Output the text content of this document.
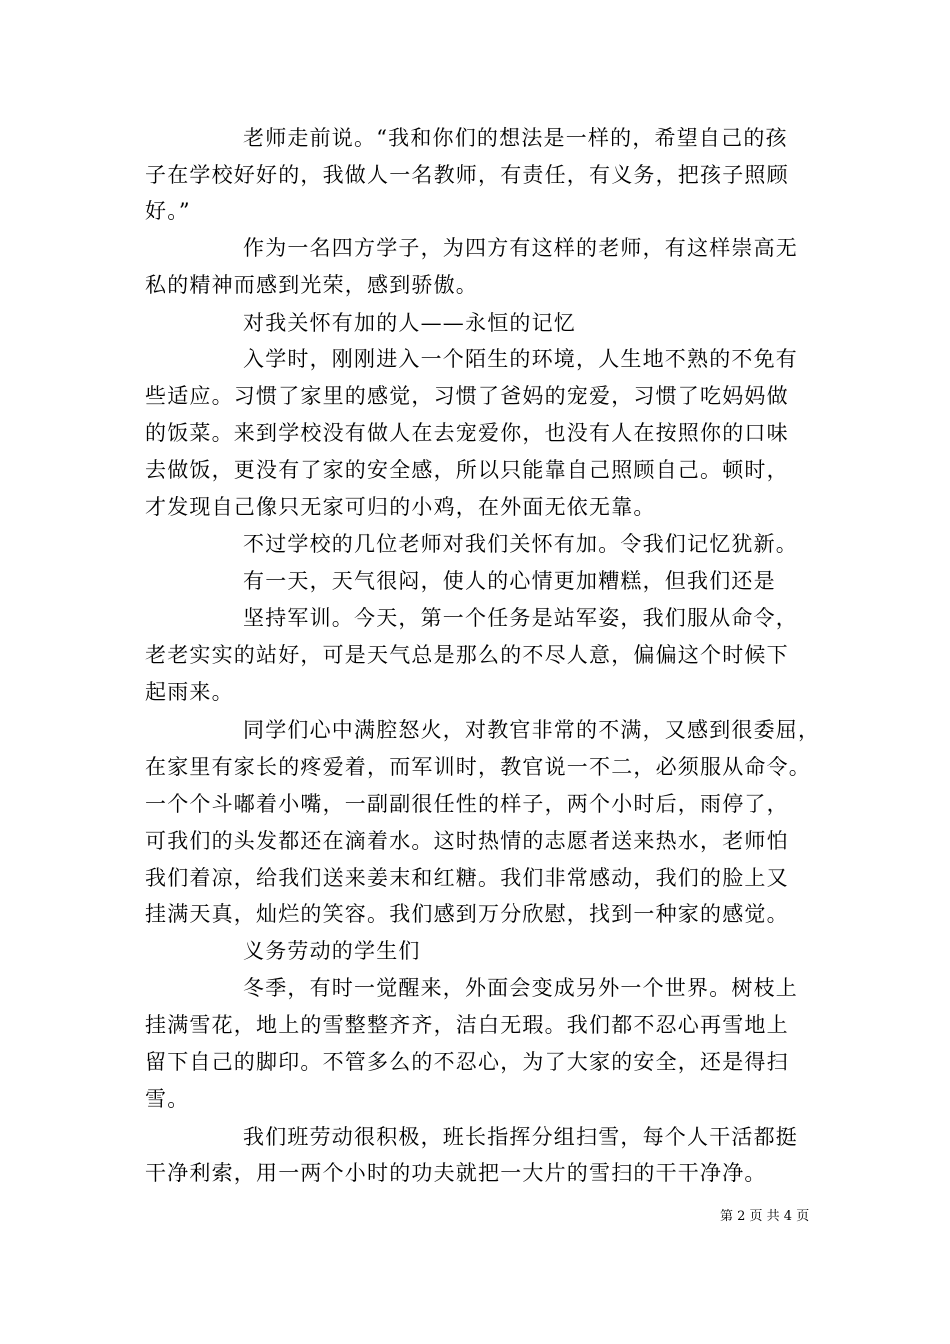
老师走前说。“我和你们的想法是一样的，希望自己的孩
子在学校好好的，我做人一名教师，有责任，有义务，把孩子照顾
好。”
作为一名四方学子，为四方有这样的老师，有这样崇高无
私的精神而感到光荣，感到骄傲。
对我关怀有加的人——永恒的记忆
入学时，刚刚进入一个陌生的环境，人生地不熟的不免有
些适应。习惯了家里的感觉，习惯了爸妈的宠爱，习惯了吃妈妈做
的饭菜。来到学校没有做人在去宠爱你，也没有人在按照你的口味
去做饭，更没有了家的安全感，所以只能靠自己照顾自己。顿时，
才发现自己像只无家可归的小鸡，在外面无依无靠。
不过学校的几位老师对我们关怀有加。令我们记忆犹新。
有一天，天气很闷，使人的心情更加糟糕，但我们还是
坚持军训。今天，第一个任务是站军姿，我们服从命令，
老老实实的站好，可是天气总是那么的不尽人意，偏偏这个时候下
起雨来。
同学们心中满腔怒火，对教官非常的不满，又感到很委屈，
在家里有家长的疼爱着，而军训时，教官说一不二，必须服从命令。
一个个斗嘟着小嘴，一副副很任性的样子，两个小时后，雨停了，
可我们的头发都还在滴着水。这时热情的志愿者送来热水，老师怕
我们着凉，给我们送来姜末和红糖。我们非常感动，我们的脸上又
挂满天真，灿烂的笑容。我们感到万分欣慰，找到一种家的感觉。
义务劳动的学生们
冬季，有时一觉醒来，外面会变成另外一个世界。树枝上
挂满雪花，地上的雪整整齐齐，洁白无瑕。我们都不忍心再雪地上
留下自己的脚印。不管多么的不忍心，为了大家的安全，还是得扫
雪。
我们班劳动很积极，班长指挥分组扫雪，每个人干活都挺
干净利索，用一两个小时的功夫就把一大片的雪扫的干干净净。
第 2 页 共 4 页
